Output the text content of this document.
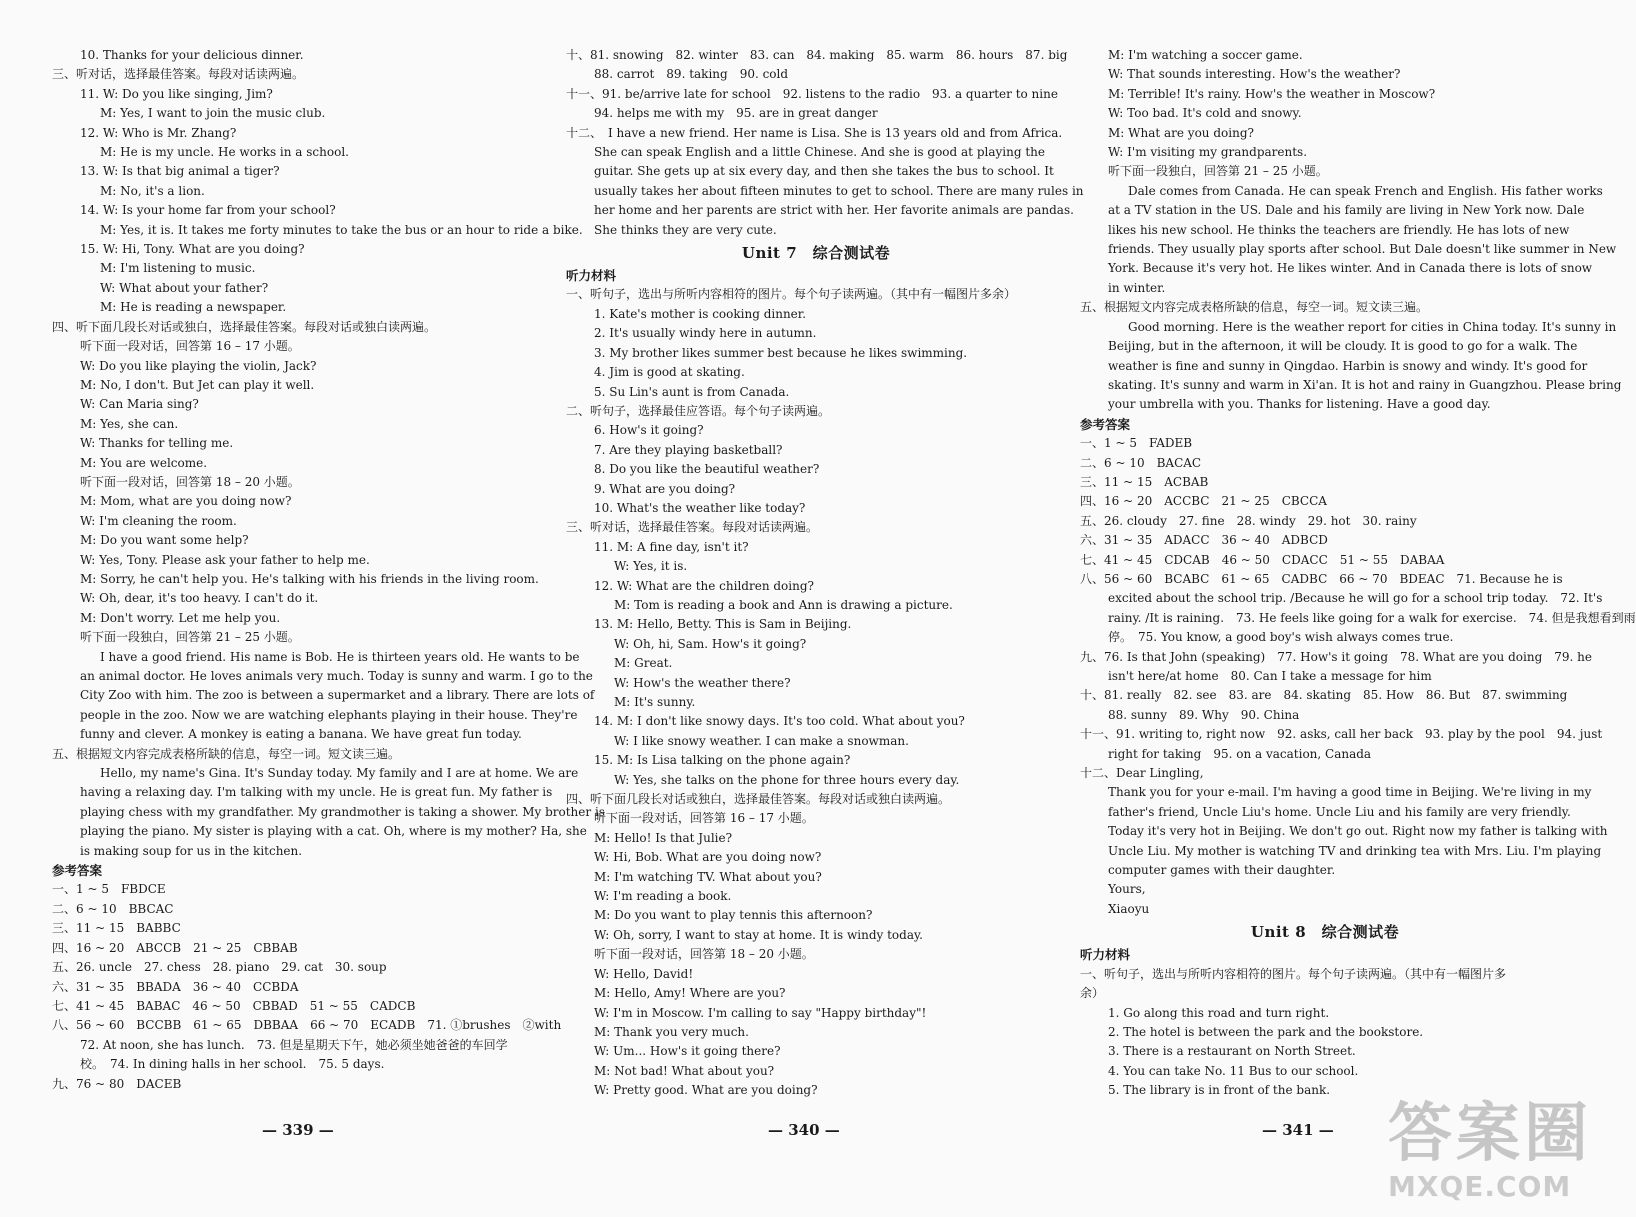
10. Thanks for your delicious dinner.
三、听对话，选择最佳答案。每段对话读两遍。
11. W: Do you like singing, Jim?
M: Yes, I want to join the music club.
12. W: Who is Mr. Zhang?
M: He is my uncle. He works in a school.
13. W: Is that big animal a tiger?
M: No, it's a lion.
14. W: Is your home far from your school?
M: Yes, it is. It takes me forty minutes to take the bus or an hour to ride a bike.
15. W: Hi, Tony. What are you doing?
M: I'm listening to music.
W: What about your father?
M: He is reading a newspaper.
四、听下面几段长对话或独白，选择最佳答案。每段对话或独白读两遍。
听下面一段对话，回答第 16 – 17 小题。
W: Do you like playing the violin, Jack?
M: No, I don't. But Jet can play it well.
W: Can Maria sing?
M: Yes, she can.
W: Thanks for telling me.
M: You are welcome.
听下面一段对话，回答第 18 – 20 小题。
M: Mom, what are you doing now?
W: I'm cleaning the room.
M: Do you want some help?
W: Yes, Tony. Please ask your father to help me.
M: Sorry, he can't help you. He's talking with his friends in the living room.
W: Oh, dear, it's too heavy. I can't do it.
M: Don't worry. Let me help you.
听下面一段独白，回答第 21 – 25 小题。
I have a good friend. His name is Bob. He is thirteen years old. He wants to be
an animal doctor. He loves animals very much. Today is sunny and warm. I go to the
City Zoo with him. The zoo is between a supermarket and a library. There are lots of
people in the zoo. Now we are watching elephants playing in their house. They're
funny and clever. A monkey is eating a banana. We have great fun today.
五、根据短文内容完成表格所缺的信息，每空一词。短文读三遍。
Hello, my name's Gina. It's Sunday today. My family and I are at home. We are
having a relaxing day. I'm talking with my uncle. He is great fun. My father is
playing chess with my grandfather. My grandmother is taking a shower. My brother is
playing the piano. My sister is playing with a cat. Oh, where is my mother? Ha, she
is making soup for us in the kitchen.
参考答案
一、1 ~ 5　FBDCE
二、6 ~ 10　BBCAC
三、11 ~ 15　BABBC
四、16 ~ 20　ABCCB　21 ~ 25　CBBAB
五、26. uncle　27. chess　28. piano　29. cat　30. soup
六、31 ~ 35　BBADA　36 ~ 40　CCBDA
七、41 ~ 45　BABAC　46 ~ 50　CBBAD　51 ~ 55　CADCB
八、56 ~ 60　BCCBB　61 ~ 65　DBBAA　66 ~ 70　ECADB　71. ①brushes　②with
72. At noon, she has lunch.　73. 但是星期天下午，她必须坐她爸爸的车回学
校。　74. In dining halls in her school.　75. 5 days.
九、76 ~ 80　DACEB
十、81. snowing　82. winter　83. can　84. making　85. warm　86. hours　87. big
88. carrot　89. taking　90. cold
十一、91. be/arrive late for school　92. listens to the radio　93. a quarter to nine
94. helps me with my　95. are in great danger
十二、　I have a new friend. Her name is Lisa. She is 13 years old and from Africa.
She can speak English and a little Chinese. And she is good at playing the
guitar. She gets up at six every day, and then she takes the bus to school. It
usually takes her about fifteen minutes to get to school. There are many rules in
her home and her parents are strict with her. Her favorite animals are pandas.
She thinks they are very cute.
Unit 7　综合测试卷
听力材料
一、听句子，选出与所听内容相符的图片。每个句子读两遍。（其中有一幅图片多余）
1. Kate's mother is cooking dinner.
2. It's usually windy here in autumn.
3. My brother likes summer best because he likes swimming.
4. Jim is good at skating.
5. Su Lin's aunt is from Canada.
二、听句子，选择最佳应答语。每个句子读两遍。
6. How's it going?
7. Are they playing basketball?
8. Do you like the beautiful weather?
9. What are you doing?
10. What's the weather like today?
三、听对话，选择最佳答案。每段对话读两遍。
11. M: A fine day, isn't it?
W: Yes, it is.
12. W: What are the children doing?
M: Tom is reading a book and Ann is drawing a picture.
13. M: Hello, Betty. This is Sam in Beijing.
W: Oh, hi, Sam. How's it going?
M: Great.
W: How's the weather there?
M: It's sunny.
14. M: I don't like snowy days. It's too cold. What about you?
W: I like snowy weather. I can make a snowman.
15. M: Is Lisa talking on the phone again?
W: Yes, she talks on the phone for three hours every day.
四、听下面几段长对话或独白，选择最佳答案。每段对话或独白读两遍。
听下面一段对话，回答第 16 – 17 小题。
M: Hello! Is that Julie?
W: Hi, Bob. What are you doing now?
M: I'm watching TV. What about you?
W: I'm reading a book.
M: Do you want to play tennis this afternoon?
W: Oh, sorry, I want to stay at home. It is windy today.
听下面一段对话，回答第 18 – 20 小题。
W: Hello, David!
M: Hello, Amy! Where are you?
W: I'm in Moscow. I'm calling to say "Happy birthday"!
M: Thank you very much.
W: Um... How's it going there?
M: Not bad! What about you?
W: Pretty good. What are you doing?
M: I'm watching a soccer game.
W: That sounds interesting. How's the weather?
M: Terrible! It's rainy. How's the weather in Moscow?
W: Too bad. It's cold and snowy.
M: What are you doing?
W: I'm visiting my grandparents.
听下面一段独白，回答第 21 – 25 小题。
Dale comes from Canada. He can speak French and English. His father works
at a TV station in the US. Dale and his family are living in New York now. Dale
likes his new school. He thinks the teachers are friendly. He has lots of new
friends. They usually play sports after school. But Dale doesn't like summer in New
York. Because it's very hot. He likes winter. And in Canada there is lots of snow
in winter.
五、根据短文内容完成表格所缺的信息，每空一词。短文读三遍。
Good morning. Here is the weather report for cities in China today. It's sunny in
Beijing, but in the afternoon, it will be cloudy. It is good to go for a walk. The
weather is fine and sunny in Qingdao. Harbin is snowy and windy. It's good for
skating. It's sunny and warm in Xi'an. It is hot and rainy in Guangzhou. Please bring
your umbrella with you. Thanks for listening. Have a good day.
参考答案
一、1 ~ 5　FADEB
二、6 ~ 10　BACAC
三、11 ~ 15　ACBAB
四、16 ~ 20　ACCBC　21 ~ 25　CBCCA
五、26. cloudy　27. fine　28. windy　29. hot　30. rainy
六、31 ~ 35　ADACC　36 ~ 40　ADBCD
七、41 ~ 45　CDCAB　46 ~ 50　CDACC　51 ~ 55　DABAA
八、56 ~ 60　BCABC　61 ~ 65　CADBC　66 ~ 70　BDEAC　71. Because he is
excited about the school trip. /Because he will go for a school trip today.　72. It's
rainy. /It is raining.　73. He feels like going for a walk for exercise.　74. 但是我想看到雨
停。　75. You know, a good boy's wish always comes true.
九、76. Is that John (speaking)　77. How's it going　78. What are you doing　79. he
isn't here/at home　80. Can I take a message for him
十、81. really　82. see　83. are　84. skating　85. How　86. But　87. swimming
88. sunny　89. Why　90. China
十一、91. writing to, right now　92. asks, call her back　93. play by the pool　94. just
right for taking　95. on a vacation, Canada
十二、Dear Lingling,
Thank you for your e-mail. I'm having a good time in Beijing. We're living in my
father's friend, Uncle Liu's home. Uncle Liu and his family are very friendly.
Today it's very hot in Beijing. We don't go out. Right now my father is talking with
Uncle Liu. My mother is watching TV and drinking tea with Mrs. Liu. I'm playing
computer games with their daughter.
Yours,
Xiaoyu
Unit 8　综合测试卷
听力材料
一、听句子，选出与所听内容相符的图片。每个句子读两遍。（其中有一幅图片多
余）
1. Go along this road and turn right.
2. The hotel is between the park and the bookstore.
3. There is a restaurant on North Street.
4. You can take No. 11 Bus to our school.
5. The library is in front of the bank.
— 339 —	— 340 —	— 341 — 答案圈
MXQE.COM
